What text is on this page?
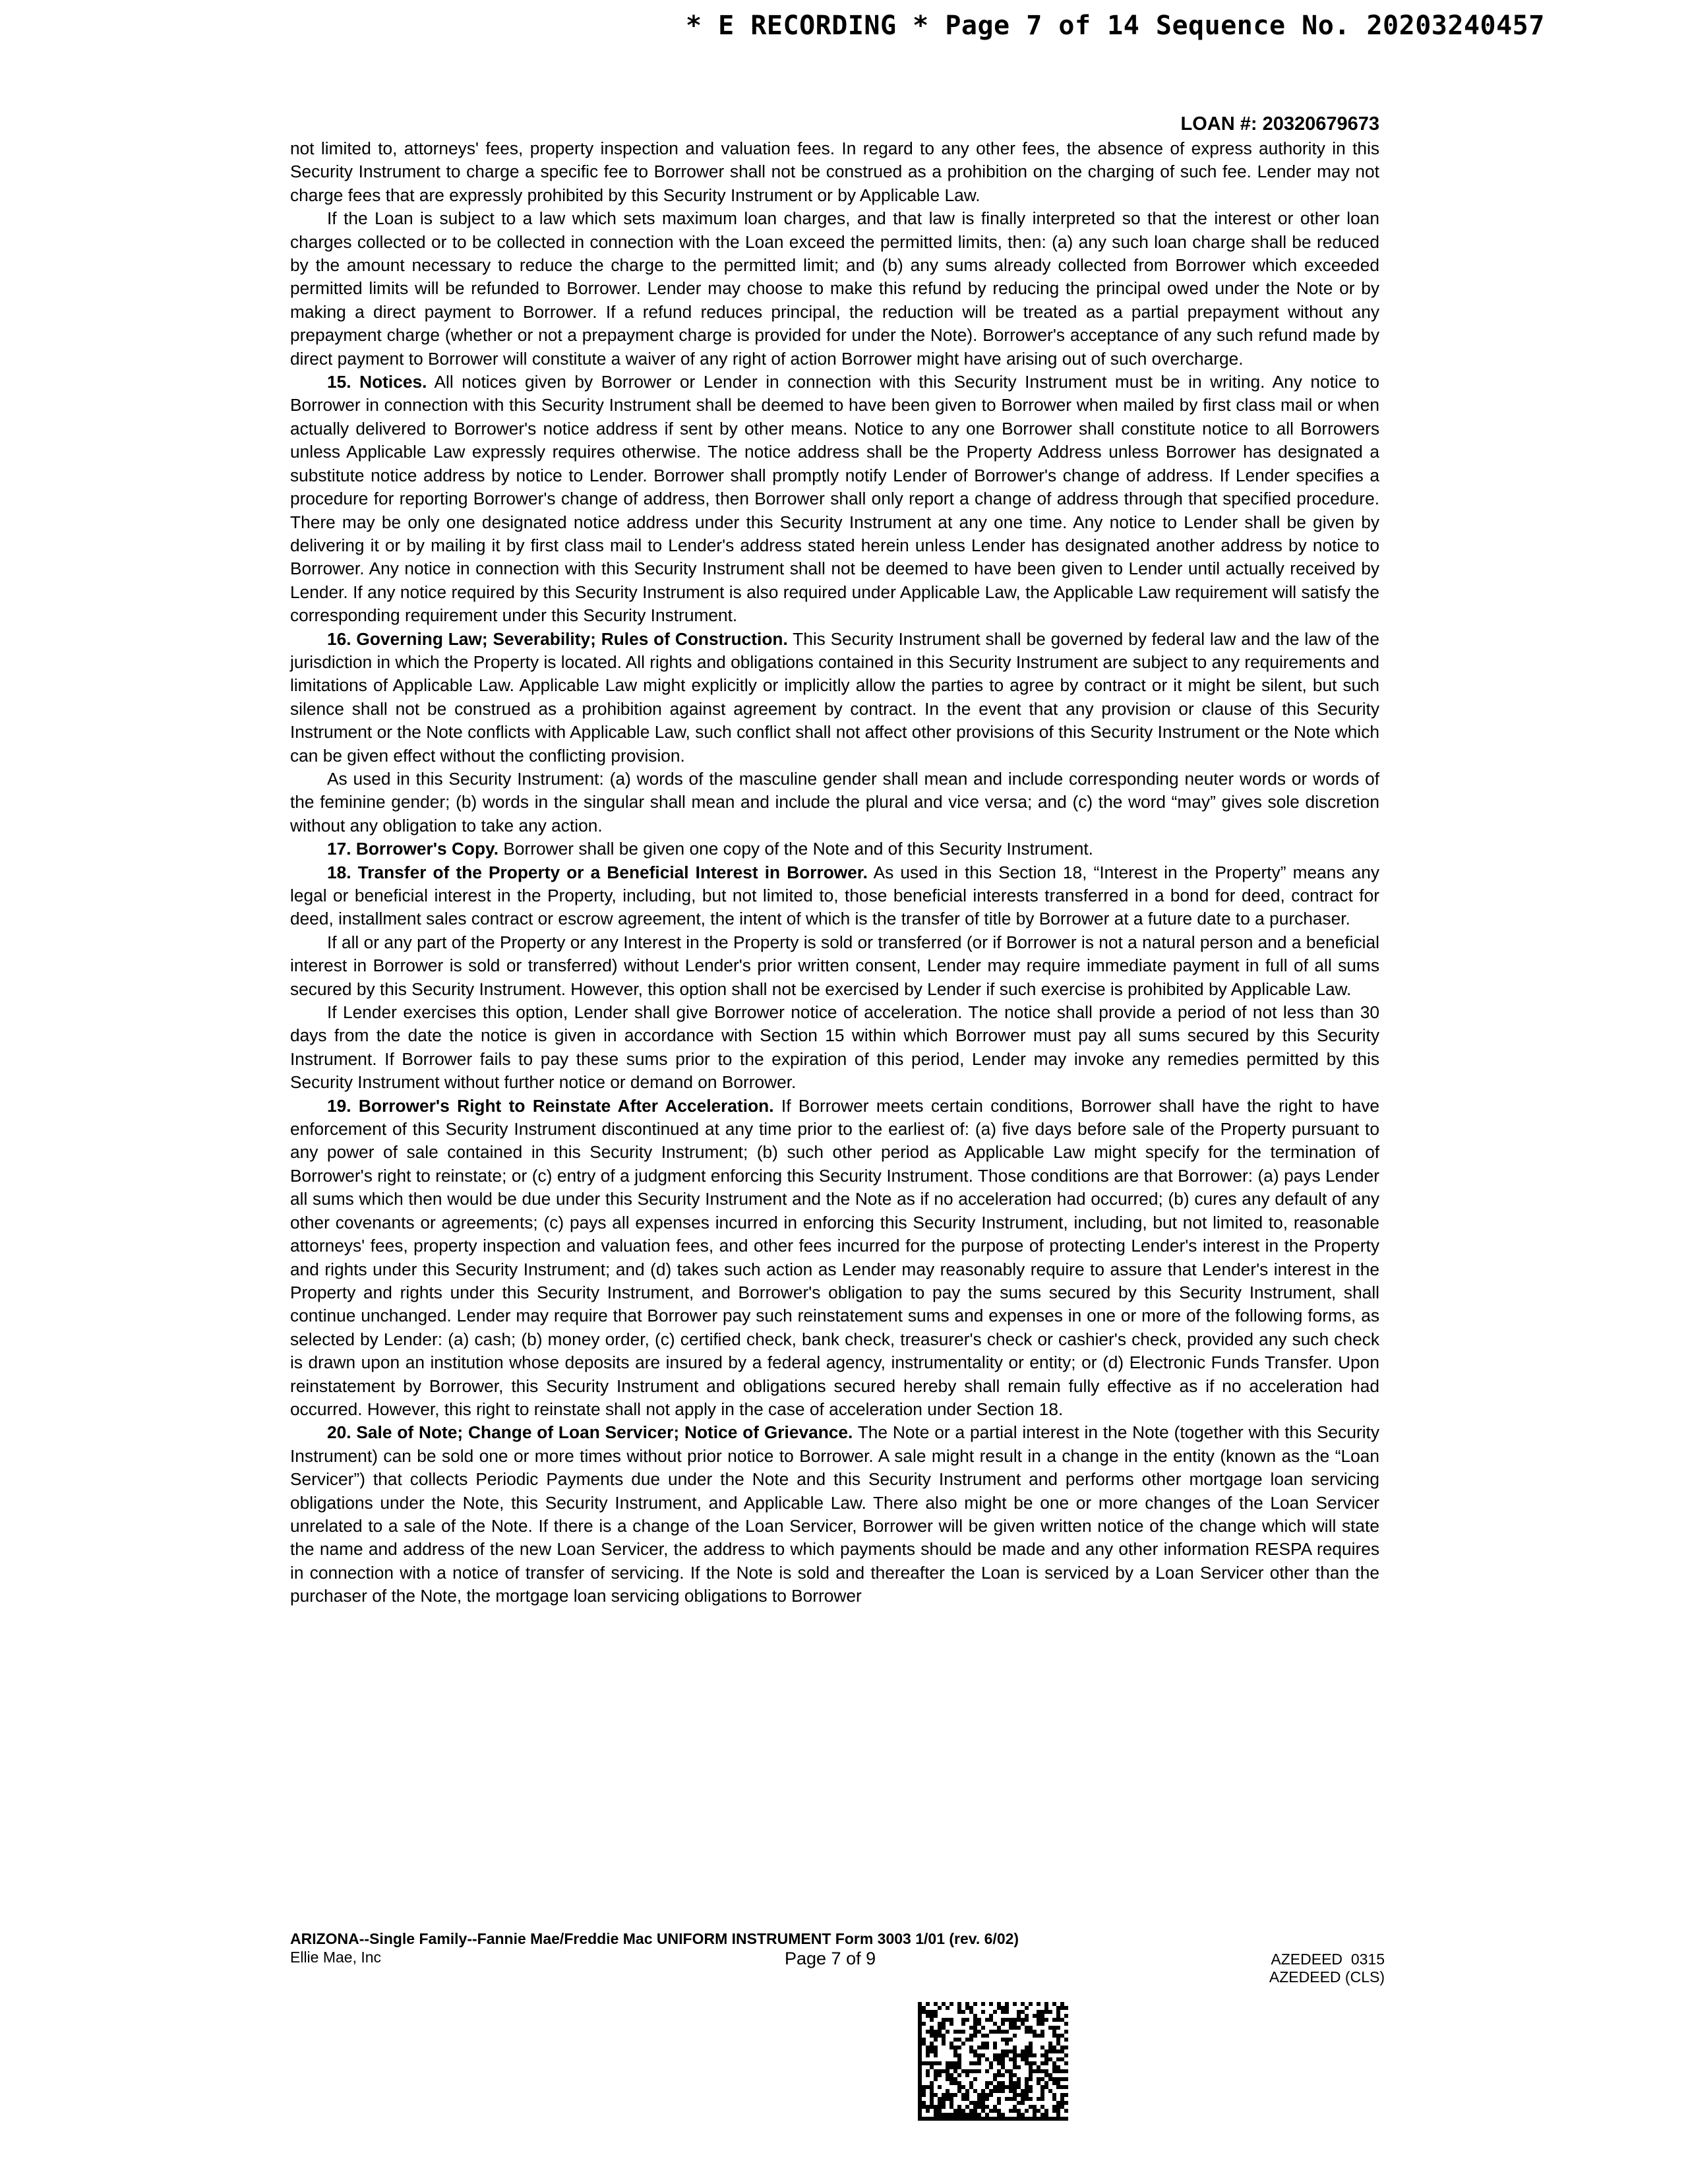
* E RECORDING * Page 7 of 14 Sequence No. 20203240457
LOAN #: 20320679673

not limited to, attorneys' fees, property inspection and valuation fees. In regard to any other fees, the absence of express authority in this Security Instrument to charge a specific fee to Borrower shall not be construed as a prohibition on the charging of such fee. Lender may not charge fees that are expressly prohibited by this Security Instrument or by Applicable Law.

If the Loan is subject to a law which sets maximum loan charges, and that law is finally interpreted so that the interest or other loan charges collected or to be collected in connection with the Loan exceed the permitted limits, then: (a) any such loan charge shall be reduced by the amount necessary to reduce the charge to the permitted limit; and (b) any sums already collected from Borrower which exceeded permitted limits will be refunded to Borrower. Lender may choose to make this refund by reducing the principal owed under the Note or by making a direct payment to Borrower. If a refund reduces principal, the reduction will be treated as a partial prepayment without any prepayment charge (whether or not a prepayment charge is provided for under the Note). Borrower's acceptance of any such refund made by direct payment to Borrower will constitute a waiver of any right of action Borrower might have arising out of such overcharge.

15. Notices. All notices given by Borrower or Lender in connection with this Security Instrument must be in writing. Any notice to Borrower in connection with this Security Instrument shall be deemed to have been given to Borrower when mailed by first class mail or when actually delivered to Borrower's notice address if sent by other means. Notice to any one Borrower shall constitute notice to all Borrowers unless Applicable Law expressly requires otherwise. The notice address shall be the Property Address unless Borrower has designated a substitute notice address by notice to Lender. Borrower shall promptly notify Lender of Borrower's change of address. If Lender specifies a procedure for reporting Borrower's change of address, then Borrower shall only report a change of address through that specified procedure. There may be only one designated notice address under this Security Instrument at any one time. Any notice to Lender shall be given by delivering it or by mailing it by first class mail to Lender's address stated herein unless Lender has designated another address by notice to Borrower. Any notice in connection with this Security Instrument shall not be deemed to have been given to Lender until actually received by Lender. If any notice required by this Security Instrument is also required under Applicable Law, the Applicable Law requirement will satisfy the corresponding requirement under this Security Instrument.

16. Governing Law; Severability; Rules of Construction. This Security Instrument shall be governed by federal law and the law of the jurisdiction in which the Property is located. All rights and obligations contained in this Security Instrument are subject to any requirements and limitations of Applicable Law. Applicable Law might explicitly or implicitly allow the parties to agree by contract or it might be silent, but such silence shall not be construed as a prohibition against agreement by contract. In the event that any provision or clause of this Security Instrument or the Note conflicts with Applicable Law, such conflict shall not affect other provisions of this Security Instrument or the Note which can be given effect without the conflicting provision.

As used in this Security Instrument: (a) words of the masculine gender shall mean and include corresponding neuter words or words of the feminine gender; (b) words in the singular shall mean and include the plural and vice versa; and (c) the word “may” gives sole discretion without any obligation to take any action.

17. Borrower's Copy. Borrower shall be given one copy of the Note and of this Security Instrument.

18. Transfer of the Property or a Beneficial Interest in Borrower. As used in this Section 18, “Interest in the Property” means any legal or beneficial interest in the Property, including, but not limited to, those beneficial interests transferred in a bond for deed, contract for deed, installment sales contract or escrow agreement, the intent of which is the transfer of title by Borrower at a future date to a purchaser.

If all or any part of the Property or any Interest in the Property is sold or transferred (or if Borrower is not a natural person and a beneficial interest in Borrower is sold or transferred) without Lender's prior written consent, Lender may require immediate payment in full of all sums secured by this Security Instrument. However, this option shall not be exercised by Lender if such exercise is prohibited by Applicable Law.

If Lender exercises this option, Lender shall give Borrower notice of acceleration. The notice shall provide a period of not less than 30 days from the date the notice is given in accordance with Section 15 within which Borrower must pay all sums secured by this Security Instrument. If Borrower fails to pay these sums prior to the expiration of this period, Lender may invoke any remedies permitted by this Security Instrument without further notice or demand on Borrower.

19. Borrower's Right to Reinstate After Acceleration. If Borrower meets certain conditions, Borrower shall have the right to have enforcement of this Security Instrument discontinued at any time prior to the earliest of: (a) five days before sale of the Property pursuant to any power of sale contained in this Security Instrument; (b) such other period as Applicable Law might specify for the termination of Borrower's right to reinstate; or (c) entry of a judgment enforcing this Security Instrument. Those conditions are that Borrower: (a) pays Lender all sums which then would be due under this Security Instrument and the Note as if no acceleration had occurred; (b) cures any default of any other covenants or agreements; (c) pays all expenses incurred in enforcing this Security Instrument, including, but not limited to, reasonable attorneys' fees, property inspection and valuation fees, and other fees incurred for the purpose of protecting Lender's interest in the Property and rights under this Security Instrument; and (d) takes such action as Lender may reasonably require to assure that Lender's interest in the Property and rights under this Security Instrument, and Borrower's obligation to pay the sums secured by this Security Instrument, shall continue unchanged. Lender may require that Borrower pay such reinstatement sums and expenses in one or more of the following forms, as selected by Lender: (a) cash; (b) money order, (c) certified check, bank check, treasurer's check or cashier's check, provided any such check is drawn upon an institution whose deposits are insured by a federal agency, instrumentality or entity; or (d) Electronic Funds Transfer. Upon reinstatement by Borrower, this Security Instrument and obligations secured hereby shall remain fully effective as if no acceleration had occurred. However, this right to reinstate shall not apply in the case of acceleration under Section 18.

20. Sale of Note; Change of Loan Servicer; Notice of Grievance. The Note or a partial interest in the Note (together with this Security Instrument) can be sold one or more times without prior notice to Borrower. A sale might result in a change in the entity (known as the “Loan Servicer”) that collects Periodic Payments due under the Note and this Security Instrument and performs other mortgage loan servicing obligations under the Note, this Security Instrument, and Applicable Law. There also might be one or more changes of the Loan Servicer unrelated to a sale of the Note. If there is a change of the Loan Servicer, Borrower will be given written notice of the change which will state the name and address of the new Loan Servicer, the address to which payments should be made and any other information RESPA requires in connection with a notice of transfer of servicing. If the Note is sold and thereafter the Loan is serviced by a Loan Servicer other than the purchaser of the Note, the mortgage loan servicing obligations to Borrower

ARIZONA--Single Family--Fannie Mae/Freddie Mac UNIFORM INSTRUMENT Form 3003 1/01 (rev. 6/02)
Ellie Mae, Inc	Page 7 of 9	AZEDEED  0315
AZEDEED (CLS)
